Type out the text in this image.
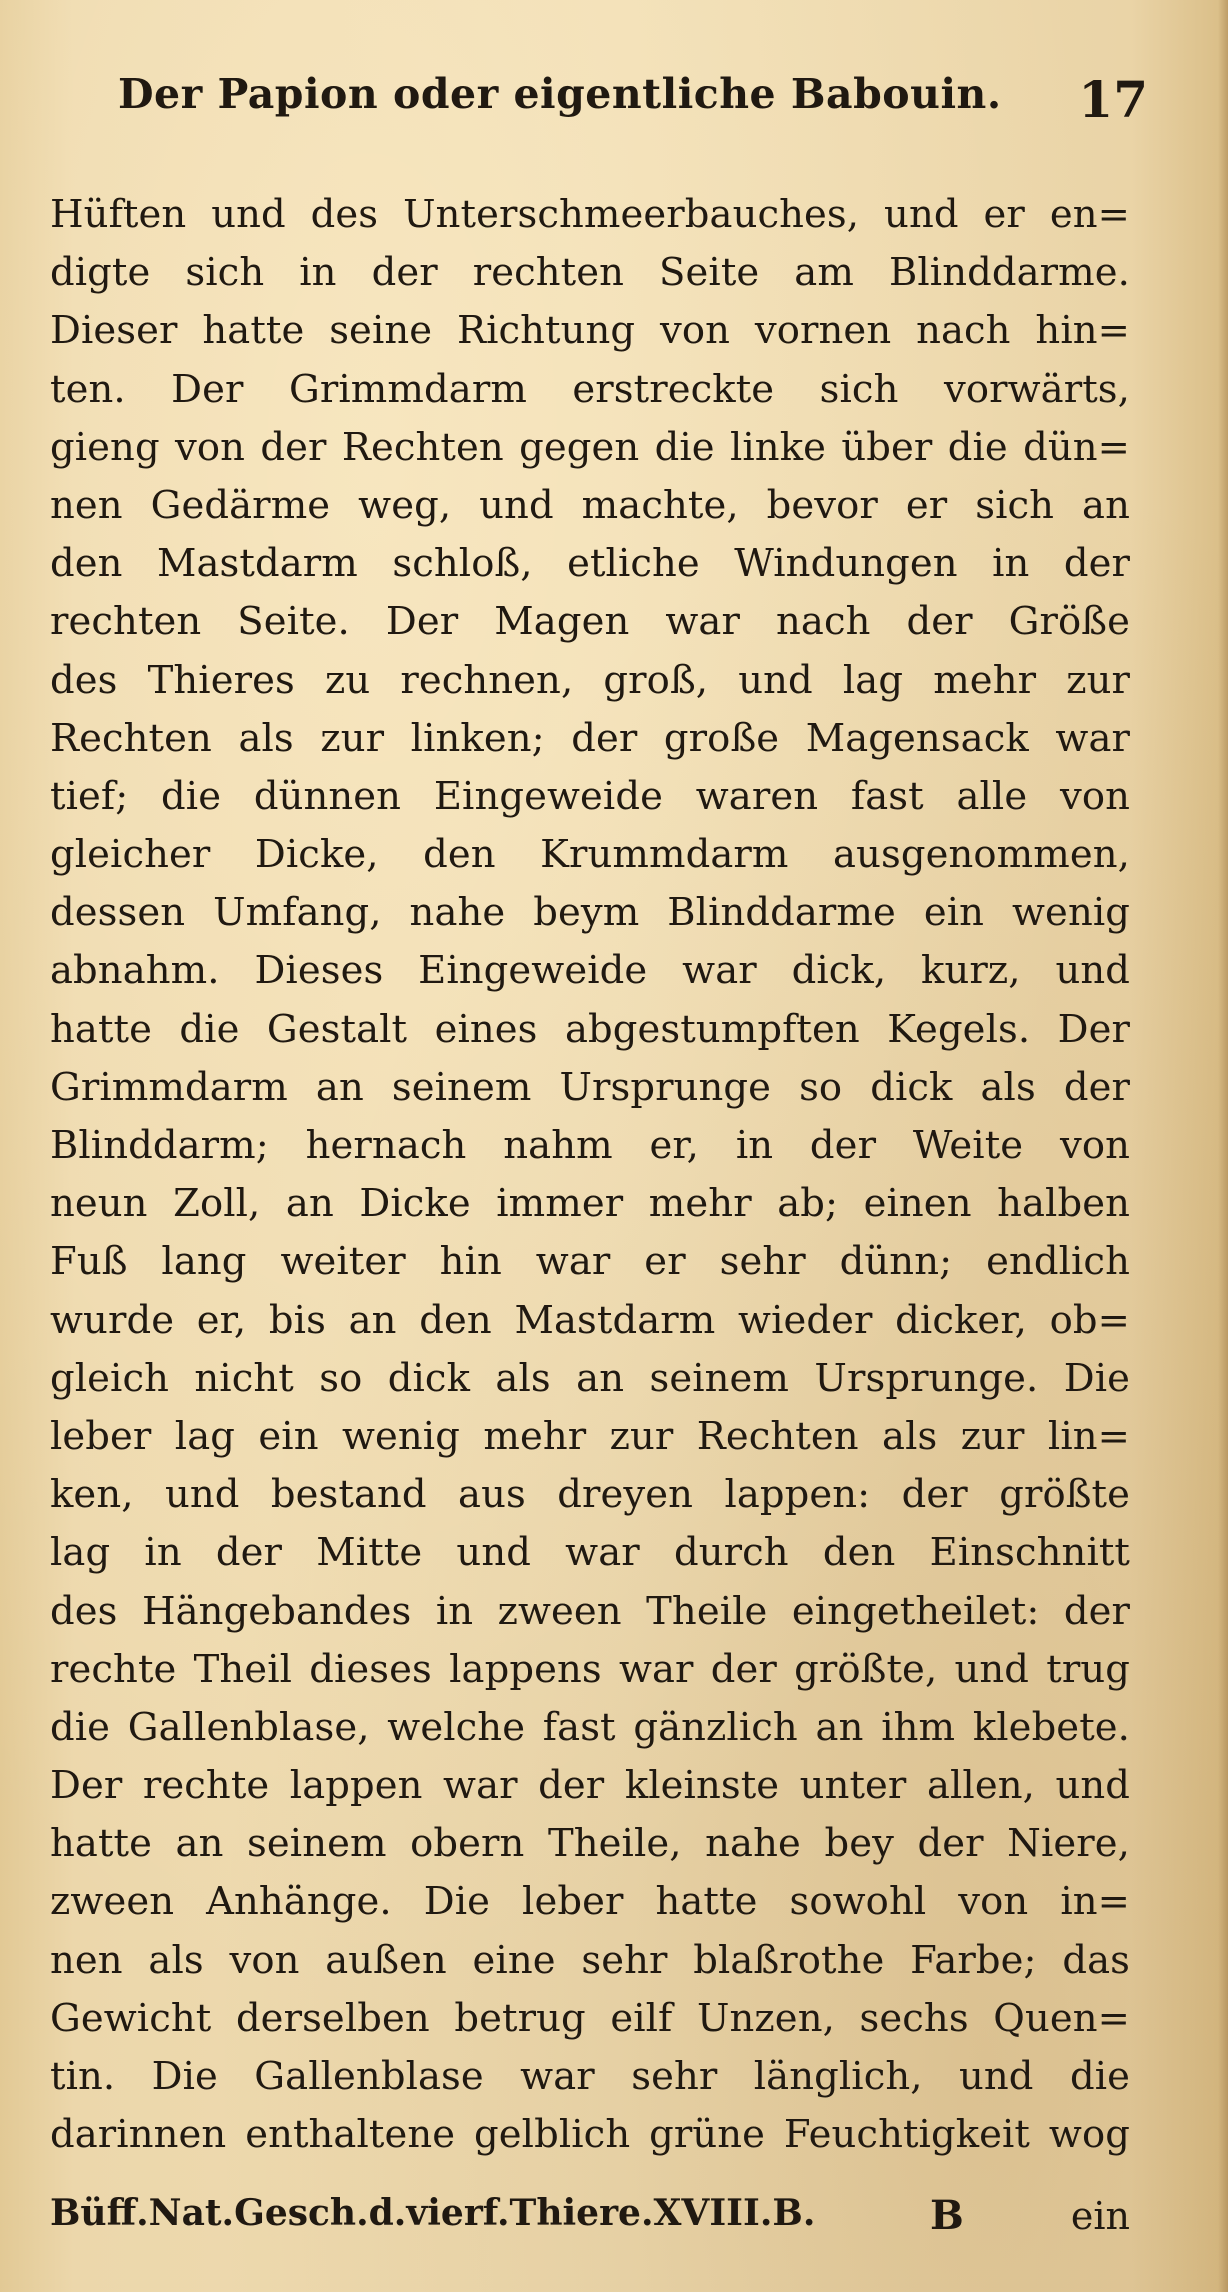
Der Papion oder eigentliche Babouin. 17
Hüften und des Unterschmeerbauches, und er en=
digte sich in der rechten Seite am Blinddarme.
Dieser hatte seine Richtung von vornen nach hin=
ten. Der Grimmdarm erstreckte sich vorwärts,
gieng von der Rechten gegen die linke über die dün=
nen Gedärme weg, und machte, bevor er sich an
den Mastdarm schloß, etliche Windungen in der
rechten Seite. Der Magen war nach der Größe
des Thieres zu rechnen, groß, und lag mehr zur
Rechten als zur linken; der große Magensack war
tief; die dünnen Eingeweide waren fast alle von
gleicher Dicke, den Krummdarm ausgenommen,
dessen Umfang, nahe beym Blinddarme ein wenig
abnahm. Dieses Eingeweide war dick, kurz, und
hatte die Gestalt eines abgestumpften Kegels. Der
Grimmdarm an seinem Ursprunge so dick als der
Blinddarm; hernach nahm er, in der Weite von
neun Zoll, an Dicke immer mehr ab; einen halben
Fuß lang weiter hin war er sehr dünn; endlich
wurde er, bis an den Mastdarm wieder dicker, ob=
gleich nicht so dick als an seinem Ursprunge. Die
leber lag ein wenig mehr zur Rechten als zur lin=
ken, und bestand aus dreyen lappen: der größte
lag in der Mitte und war durch den Einschnitt
des Hängebandes in zween Theile eingetheilet: der
rechte Theil dieses lappens war der größte, und trug
die Gallenblase, welche fast gänzlich an ihm klebete.
Der rechte lappen war der kleinste unter allen, und
hatte an seinem obern Theile, nahe bey der Niere,
zween Anhänge. Die leber hatte sowohl von in=
nen als von außen eine sehr blaßrothe Farbe; das
Gewicht derselben betrug eilf Unzen, sechs Quen=
tin. Die Gallenblase war sehr länglich, und die
darinnen enthaltene gelblich grüne Feuchtigkeit wog
Büff.Nat.Gesch.d.vierf.Thiere.XVIII.B.	B	ein
